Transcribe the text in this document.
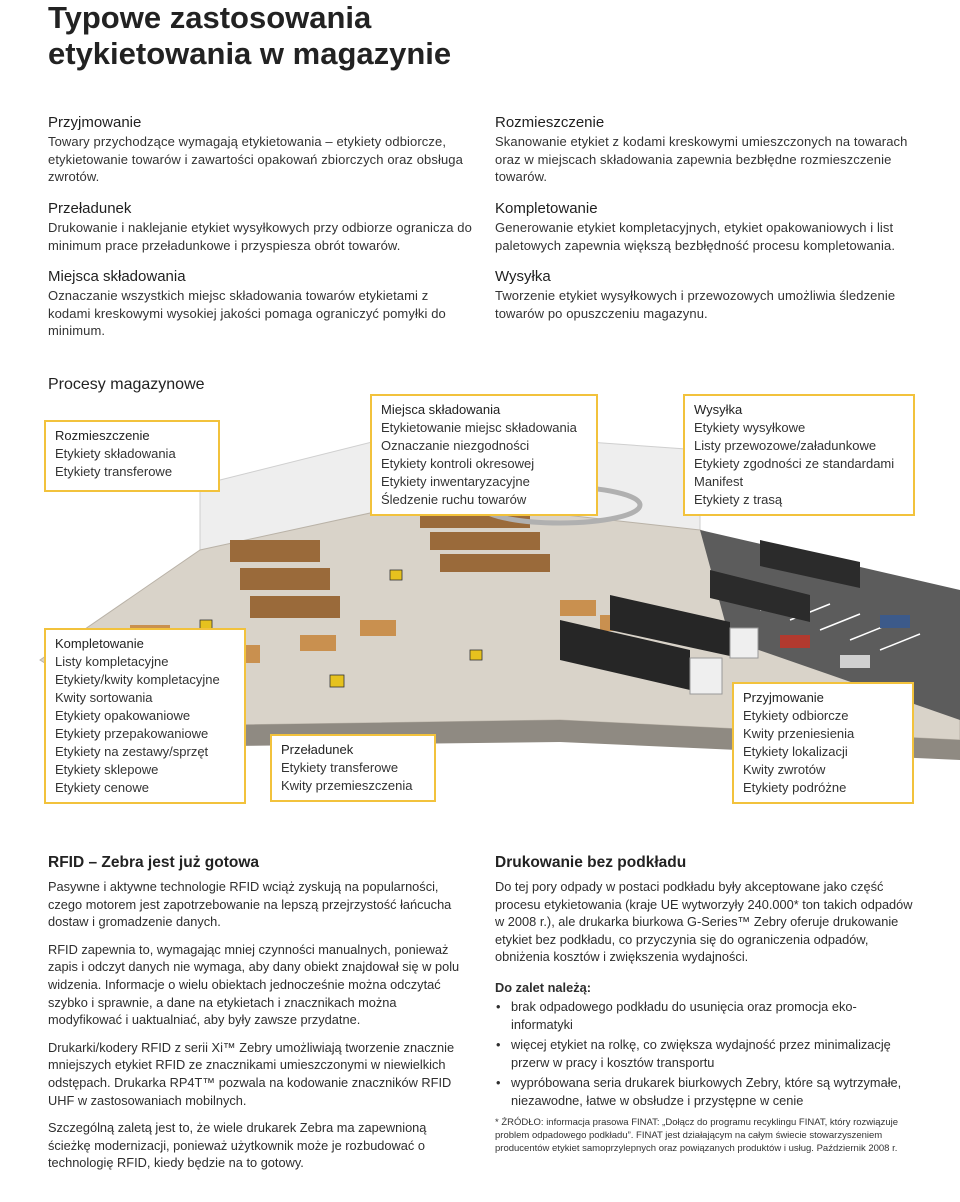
Typowe zastosowania
etykietowania w magazynie

Przyjmowanie

Towary przychodzące wymagają etykietowania – etykiety odbiorcze, etykietowanie towarów i zawartości opakowań zbiorczych oraz obsługa zwrotów.

Przeładunek

Drukowanie i naklejanie etykiet wysyłkowych przy odbiorze ogranicza do minimum prace przeładunkowe i przyspiesza obrót towarów.

Miejsca składowania

Oznaczanie wszystkich miejsc składowania towarów etykietami z kodami kreskowymi wysokiej jakości pomaga ograniczyć pomyłki do minimum.

Rozmieszczenie

Skanowanie etykiet z kodami kreskowymi umieszczonych na towarach oraz w miejscach składowania zapewnia bezbłędne rozmieszczenie towarów.

Kompletowanie

Generowanie etykiet kompletacyjnych, etykiet opakowaniowych i list paletowych zapewnia większą bezbłędność procesu kompletowania.

Wysyłka

Tworzenie etykiet wysyłkowych i przewozowych umożliwia śledzenie towarów po opuszczeniu magazynu.

Procesy magazynowe
Rozmieszczenie
Etykiety składowania
Etykiety transferowe
Miejsca składowania
Etykietowanie miejsc składowania
Oznaczanie niezgodności
Etykiety kontroli okresowej
Etykiety inwentaryzacyjne
Śledzenie ruchu towarów
Wysyłka
Etykiety wysyłkowe
Listy przewozowe/załadunkowe
Etykiety zgodności ze standardami
Manifest
Etykiety z trasą
Kompletowanie
Listy kompletacyjne
Etykiety/kwity kompletacyjne
Kwity sortowania
Etykiety opakowaniowe
Etykiety przepakowaniowe
Etykiety na zestawy/sprzęt
Etykiety sklepowe
Etykiety cenowe
Przeładunek
Etykiety transferowe
Kwity przemieszczenia
Przyjmowanie
Etykiety odbiorcze
Kwity przeniesienia
Etykiety lokalizacji
Kwity zwrotów
Etykiety podróżne

RFID – Zebra jest już gotowa

Pasywne i aktywne technologie RFID wciąż zyskują na popularności, czego motorem jest zapotrzebowanie na lepszą przejrzystość łańcucha dostaw i gromadzenie danych.

RFID zapewnia to, wymagając mniej czynności manualnych, ponieważ zapis i odczyt danych nie wymaga, aby dany obiekt znajdował się w polu widzenia. Informacje o wielu obiektach jednocześnie można odczytać szybko i sprawnie, a dane na etykietach i znacznikach można modyfikować i uaktualniać, aby były zawsze przydatne.

Drukarki/kodery RFID z serii Xi™ Zebry umożliwiają tworzenie znacznie mniejszych etykiet RFID ze znacznikami umieszczonymi w niewielkich odstępach. Drukarka RP4T™ pozwala na kodowanie znaczników RFID UHF w zastosowaniach mobilnych.

Szczególną zaletą jest to, że wiele drukarek Zebra ma zapewnioną ścieżkę modernizacji, ponieważ użytkownik może je rozbudować o technologię RFID, kiedy będzie na to gotowy.

Drukowanie bez podkładu

Do tej pory odpady w postaci podkładu były akceptowane jako część procesu etykietowania (kraje UE wytworzyły 240.000* ton takich odpadów w 2008 r.), ale drukarka biurkowa G-Series™ Zebry oferuje drukowanie etykiet bez podkładu, co przyczynia się do ograniczenia odpadów, obniżenia kosztów i zwiększenia wydajności.

Do zalet należą:

• brak odpadowego podkładu do usunięcia oraz promocja eko-informatyki
• więcej etykiet na rolkę, co zwiększa wydajność przez minimalizację przerw w pracy i kosztów transportu
• wypróbowana seria drukarek biurkowych Zebry, które są wytrzymałe, niezawodne, łatwe w obsłudze i przystępne w cenie

* ŹRÓDŁO: informacja prasowa FINAT: „Dołącz do programu recyklingu FINAT, który rozwiązuje problem odpadowego podkładu”. FINAT jest działającym na całym świecie stowarzyszeniem producentów etykiet samoprzylepnych oraz powiązanych produktów i usług. Październik 2008 r.
